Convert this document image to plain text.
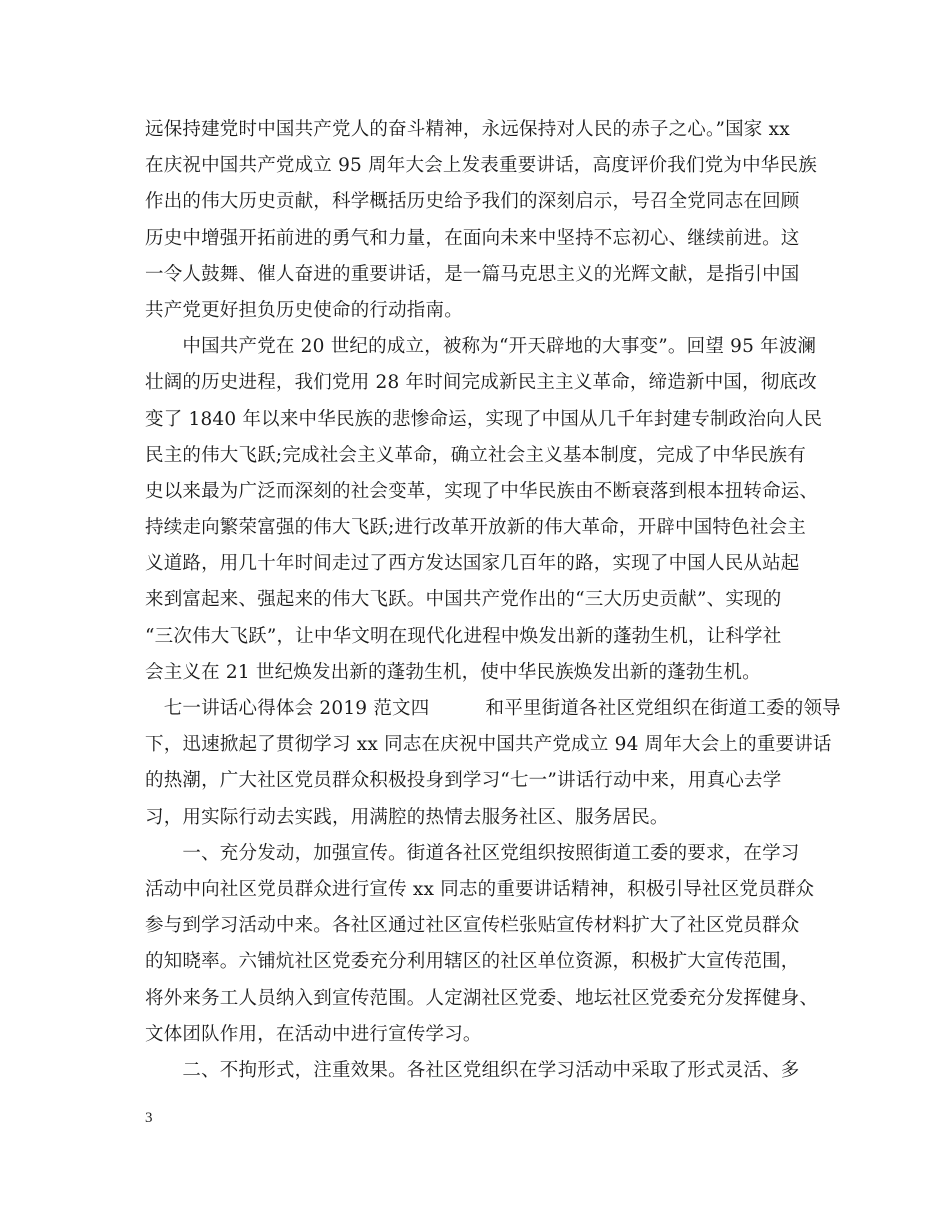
远保持建党时中国共产党人的奋斗精神，永远保持对人民的赤子之心。”国家 xx
在庆祝中国共产党成立 95 周年大会上发表重要讲话，高度评价我们党为中华民族
作出的伟大历史贡献，科学概括历史给予我们的深刻启示，号召全党同志在回顾
历史中增强开拓前进的勇气和力量，在面向未来中坚持不忘初心、继续前进。这
一令人鼓舞、催人奋进的重要讲话，是一篇马克思主义的光辉文献，是指引中国
共产党更好担负历史使命的行动指南。
　　中国共产党在 20 世纪的成立，被称为“开天辟地的大事变”。回望 95 年波澜
壮阔的历史进程，我们党用 28 年时间完成新民主主义革命，缔造新中国，彻底改
变了 1840 年以来中华民族的悲惨命运，实现了中国从几千年封建专制政治向人民
民主的伟大飞跃;完成社会主义革命，确立社会主义基本制度，完成了中华民族有
史以来最为广泛而深刻的社会变革，实现了中华民族由不断衰落到根本扭转命运、
持续走向繁荣富强的伟大飞跃;进行改革开放新的伟大革命，开辟中国特色社会主
义道路，用几十年时间走过了西方发达国家几百年的路，实现了中国人民从站起
来到富起来、强起来的伟大飞跃。中国共产党作出的“三大历史贡献”、实现的
“三次伟大飞跃”，让中华文明在现代化进程中焕发出新的蓬勃生机，让科学社
会主义在 21 世纪焕发出新的蓬勃生机，使中华民族焕发出新的蓬勃生机。
　七一讲话心得体会 2019 范文四　　　和平里街道各社区党组织在街道工委的领导
下，迅速掀起了贯彻学习 xx 同志在庆祝中国共产党成立 94 周年大会上的重要讲话
的热潮，广大社区党员群众积极投身到学习“七一”讲话行动中来，用真心去学
习，用实际行动去实践，用满腔的热情去服务社区、服务居民。
　　一、充分发动，加强宣传。街道各社区党组织按照街道工委的要求，在学习
活动中向社区党员群众进行宣传 xx 同志的重要讲话精神，积极引导社区党员群众
参与到学习活动中来。各社区通过社区宣传栏张贴宣传材料扩大了社区党员群众
的知晓率。六铺炕社区党委充分利用辖区的社区单位资源，积极扩大宣传范围，
将外来务工人员纳入到宣传范围。人定湖社区党委、地坛社区党委充分发挥健身、
文体团队作用，在活动中进行宣传学习。
　　二、不拘形式，注重效果。各社区党组织在学习活动中采取了形式灵活、多
3
